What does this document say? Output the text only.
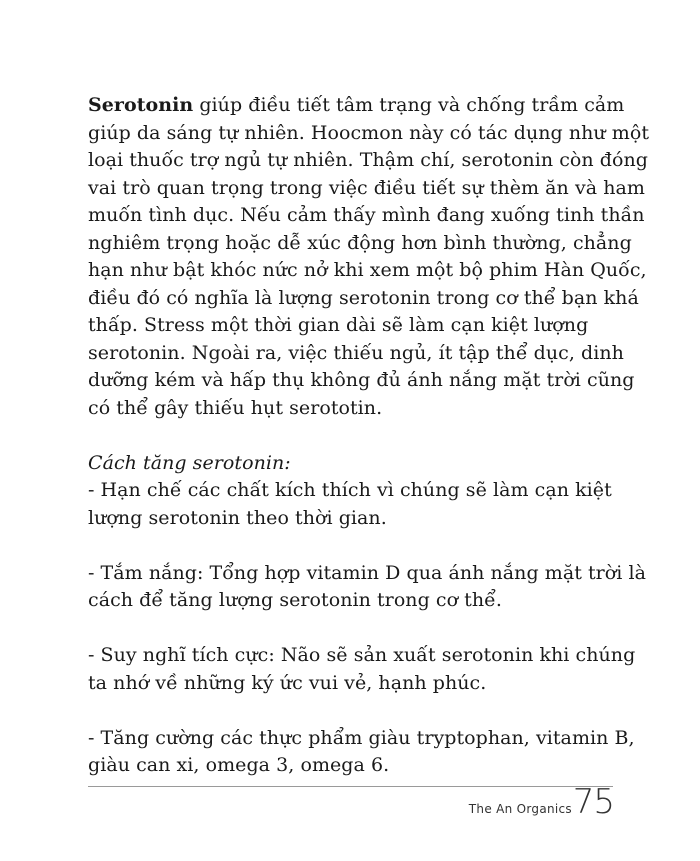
Serotonin giúp điều tiết tâm trạng và chống trầm cảm
giúp da sáng tự nhiên. Hoocmon này có tác dụng như một
loại thuốc trợ ngủ tự nhiên. Thậm chí, serotonin còn đóng
vai trò quan trọng trong việc điều tiết sự thèm ăn và ham
muốn tình dục. Nếu cảm thấy mình đang xuống tinh thần
nghiêm trọng hoặc dễ xúc động hơn bình thường, chẳng
hạn như bật khóc nức nở khi xem một bộ phim Hàn Quốc,
điều đó có nghĩa là lượng serotonin trong cơ thể bạn khá
thấp. Stress một thời gian dài sẽ làm cạn kiệt lượng
serotonin. Ngoài ra, việc thiếu ngủ, ít tập thể dục, dinh
dưỡng kém và hấp thụ không đủ ánh nắng mặt trời cũng
có thể gây thiếu hụt serototin.
Cách tăng serotonin:
- Hạn chế các chất kích thích vì chúng sẽ làm cạn kiệt
lượng serotonin theo thời gian.
- Tắm nắng: Tổng hợp vitamin D qua ánh nắng mặt trời là
cách để tăng lượng serotonin trong cơ thể.
- Suy nghĩ tích cực: Não sẽ sản xuất serotonin khi chúng
ta nhớ về những ký ức vui vẻ, hạnh phúc.
- Tăng cường các thực phẩm giàu tryptophan, vitamin B,
giàu can xi, omega 3, omega 6.
The An Organics 75
